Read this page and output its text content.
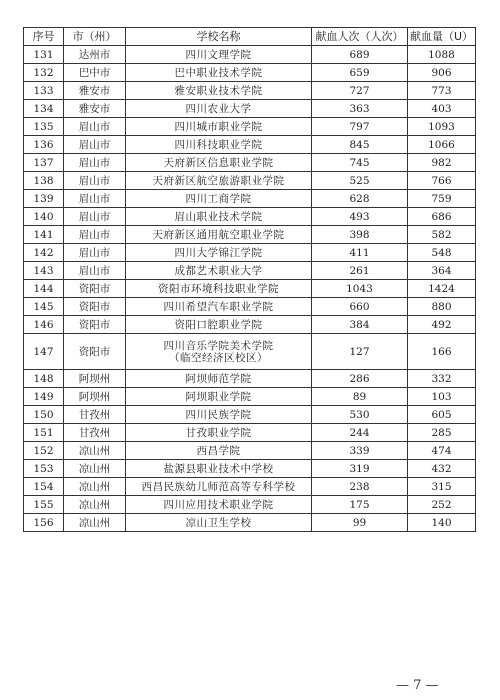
序号	市（州）	学校名称	献血人次（人次）	献血量（U）
131	达州市	四川文理学院	689	1088
132	巴中市	巴中职业技术学院	659	906
133	雅安市	雅安职业技术学院	727	773
134	雅安市	四川农业大学	363	403
135	眉山市	四川城市职业学院	797	1093
136	眉山市	四川科技职业学院	845	1066
137	眉山市	天府新区信息职业学院	745	982
138	眉山市	天府新区航空旅游职业学院	525	766
139	眉山市	四川工商学院	628	759
140	眉山市	眉山职业技术学院	493	686
141	眉山市	天府新区通用航空职业学院	398	582
142	眉山市	四川大学锦江学院	411	548
143	眉山市	成都艺术职业大学	261	364
144	资阳市	资阳市环境科技职业学院	1043	1424
145	资阳市	四川希望汽车职业学院	660	880
146	资阳市	资阳口腔职业学院	384	492
147	资阳市	四川音乐学院美术学院
（临空经济区校区）	127	166
148	阿坝州	阿坝师范学院	286	332
149	阿坝州	阿坝职业学院	89	103
150	甘孜州	四川民族学院	530	605
151	甘孜州	甘孜职业学院	244	285
152	凉山州	西昌学院	339	474
153	凉山州	盐源县职业技术中学校	319	432
154	凉山州	西昌民族幼儿师范高等专科学校	238	315
155	凉山州	四川应用技术职业学院	175	252
156	凉山州	凉山卫生学校	99	140
— 7 —
